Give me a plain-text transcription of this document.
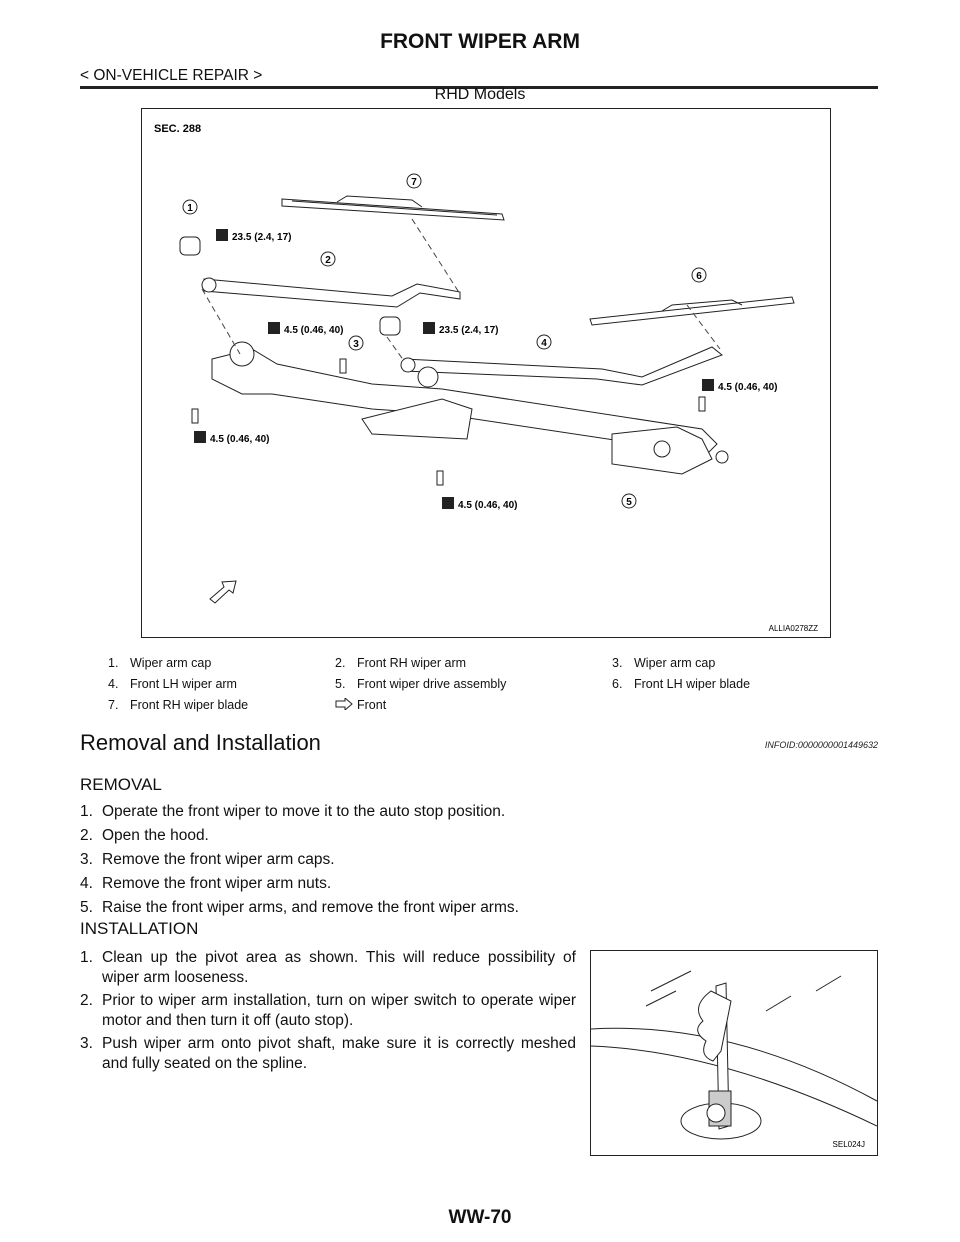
FRONT WIPER ARM
< ON-VEHICLE REPAIR >
RHD Models
SEC. 288
23.5 (2.4, 17)
4.5 (0.46, 40)	23.5 (2.4, 17)
4.5 (0.46, 40)
4.5 (0.46, 40)
4.5 (0.46, 40)
1
2
3	4
5
6
7
ALLIA0278ZZ
1.	Wiper arm cap	2.	Front RH wiper arm	3.	Wiper arm cap
4.	Front LH wiper arm	5.	Front wiper drive assembly	6.	Front LH wiper blade
7.	Front RH wiper blade		Front		
Removal and Installation	INFOID:0000000001449632
REMOVAL
1. Operate the front wiper to move it to the auto stop position.
2. Open the hood.
3. Remove the front wiper arm caps.
4. Remove the front wiper arm nuts.
5. Raise the front wiper arms, and remove the front wiper arms.
INSTALLATION
1. Clean up the pivot area as shown. This will reduce possibility of wiper arm looseness.
2. Prior to wiper arm installation, turn on wiper switch to operate wiper motor and then turn it off (auto stop).
3. Push wiper arm onto pivot shaft, make sure it is correctly meshed and fully seated on the spline.
SEL024J
WW-70
